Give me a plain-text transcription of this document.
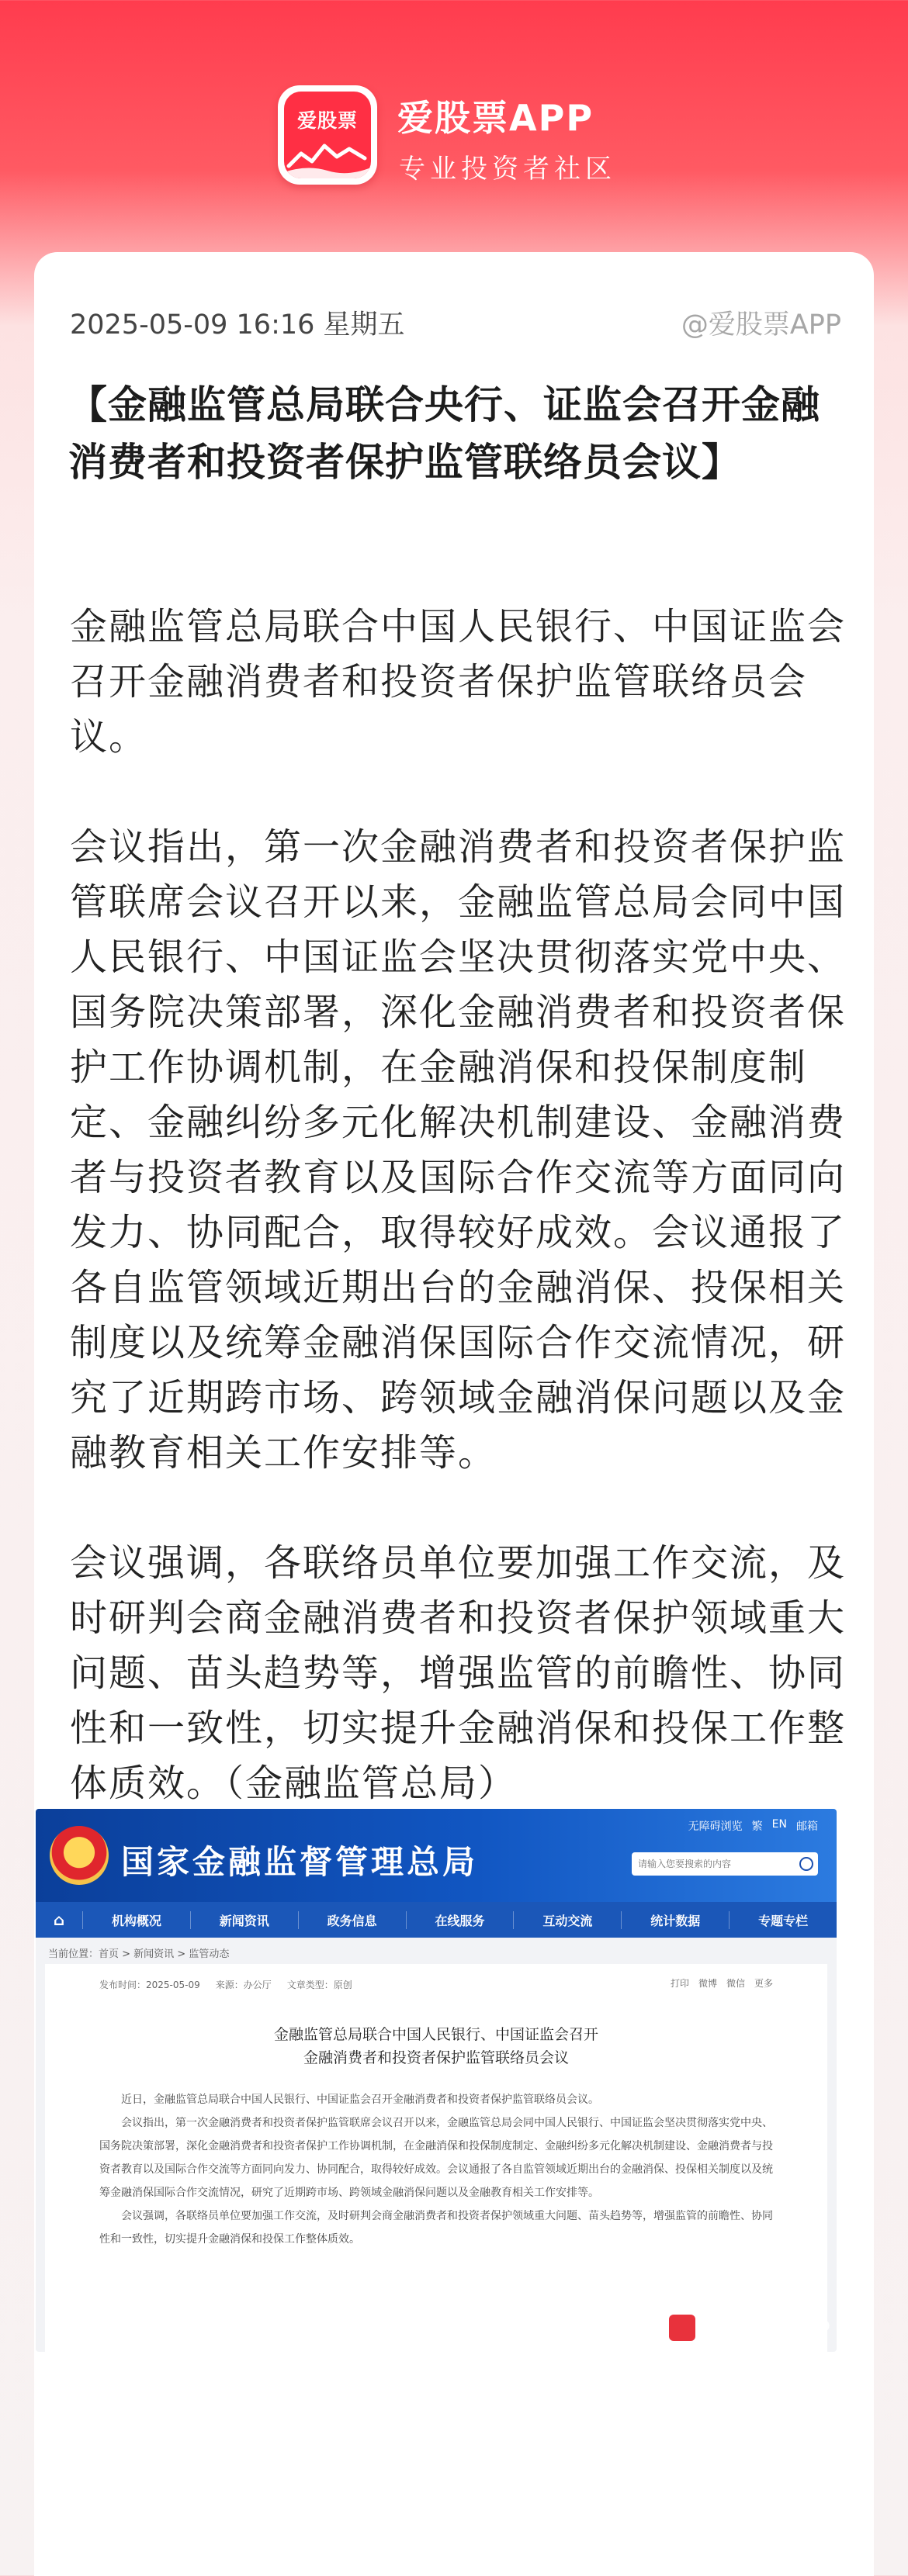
爱股票	爱股票APP
专业投资者社区
2025-05-09 16:16 星期五	@爱股票APP
【金融监管总局联合央行、证监会召开金融消费者和投资者保护监管联络员会议】

金融监管总局联合中国人民银行、中国证监会召开金融消费者和投资者保护监管联络员会议。

会议指出，第一次金融消费者和投资者保护监管联席会议召开以来，金融监管总局会同中国人民银行、中国证监会坚决贯彻落实党中央、国务院决策部署，深化金融消费者和投资者保护工作协调机制，在金融消保和投保制度制定、金融纠纷多元化解决机制建设、金融消费者与投资者教育以及国际合作交流等方面同向发力、协同配合，取得较好成效。会议通报了各自监管领域近期出台的金融消保、投保相关制度以及统筹金融消保国际合作交流情况，研究了近期跨市场、跨领域金融消保问题以及金融教育相关工作安排等。

会议强调，各联络员单位要加强工作交流，及时研判会商金融消费者和投资者保护领域重大问题、苗头趋势等，增强监管的前瞻性、协同性和一致性，切实提升金融消保和投保工作整体质效。（金融监管总局）

国家金融监督管理总局
无障碍浏览 繁 EN 邮箱
请输入您要搜索的内容
⌂	机构概况	新闻资讯	政务信息	在线服务	互动交流	统计数据	专题专栏
当前位置：首页 > 新闻资讯 > 监管动态
发布时间：2025-05-09 来源：办公厅 文章类型：原创	打印 微博 微信 更多
金融监管总局联合中国人民银行、中国证监会召开
金融消费者和投资者保护监管联络员会议

近日，金融监管总局联合中国人民银行、中国证监会召开金融消费者和投资者保护监管联络员会议。

会议指出，第一次金融消费者和投资者保护监管联席会议召开以来，金融监管总局会同中国人民银行、中国证监会坚决贯彻落实党中央、国务院决策部署，深化金融消费者和投资者保护工作协调机制，在金融消保和投保制度制定、金融纠纷多元化解决机制建设、金融消费者与投资者教育以及国际合作交流等方面同向发力、协同配合，取得较好成效。会议通报了各自监管领域近期出台的金融消保、投保相关制度以及统筹金融消保国际合作交流情况，研究了近期跨市场、跨领域金融消保问题以及金融教育相关工作安排等。

会议强调，各联络员单位要加强工作交流，及时研判会商金融消费者和投资者保护领域重大问题、苗头趋势等，增强监管的前瞻性、协同性和一致性，切实提升金融消保和投保工作整体质效。

爱股票APP
